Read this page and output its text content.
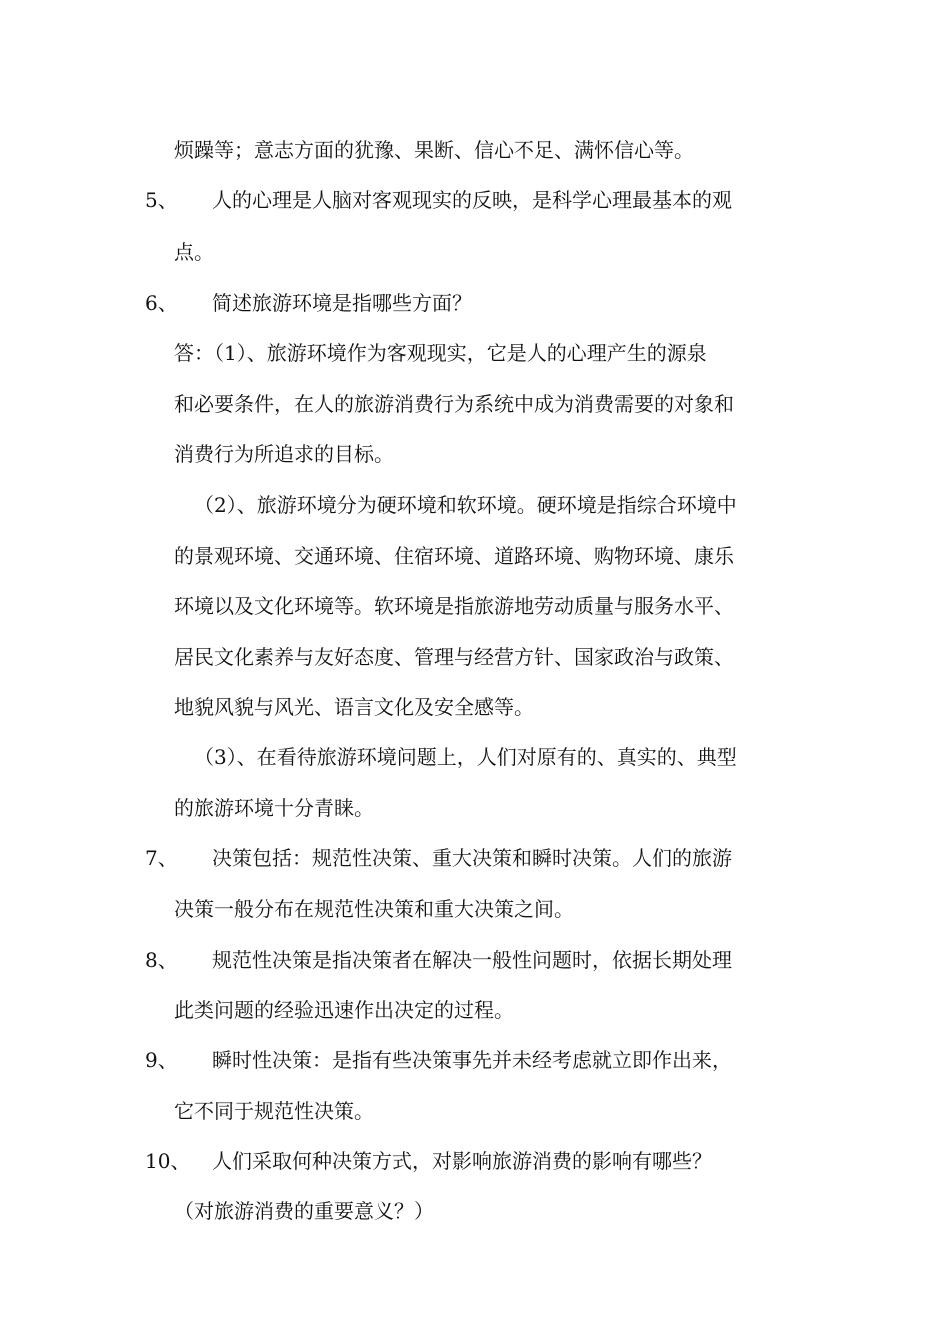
烦躁等；意志方面的犹豫、果断、信心不足、满怀信心等。
5、 人的心理是人脑对客观现实的反映，是科学心理最基本的观
点。
6、 简述旅游环境是指哪些方面？
答：（1）、旅游环境作为客观现实，它是人的心理产生的源泉
和必要条件，在人的旅游消费行为系统中成为消费需要的对象和
消费行为所追求的目标。
（2）、旅游环境分为硬环境和软环境。硬环境是指综合环境中
的景观环境、交通环境、住宿环境、道路环境、购物环境、康乐
环境以及文化环境等。软环境是指旅游地劳动质量与服务水平、
居民文化素养与友好态度、管理与经营方针、国家政治与政策、
地貌风貌与风光、语言文化及安全感等。
（3）、在看待旅游环境问题上，人们对原有的、真实的、典型
的旅游环境十分青睐。
7、 决策包括：规范性决策、重大决策和瞬时决策。人们的旅游
决策一般分布在规范性决策和重大决策之间。
8、 规范性决策是指决策者在解决一般性问题时，依据长期处理
此类问题的经验迅速作出决定的过程。
9、 瞬时性决策：是指有些决策事先并未经考虑就立即作出来，
它不同于规范性决策。
10、 人们采取何种决策方式，对影响旅游消费的影响有哪些？
（对旅游消费的重要意义？）
